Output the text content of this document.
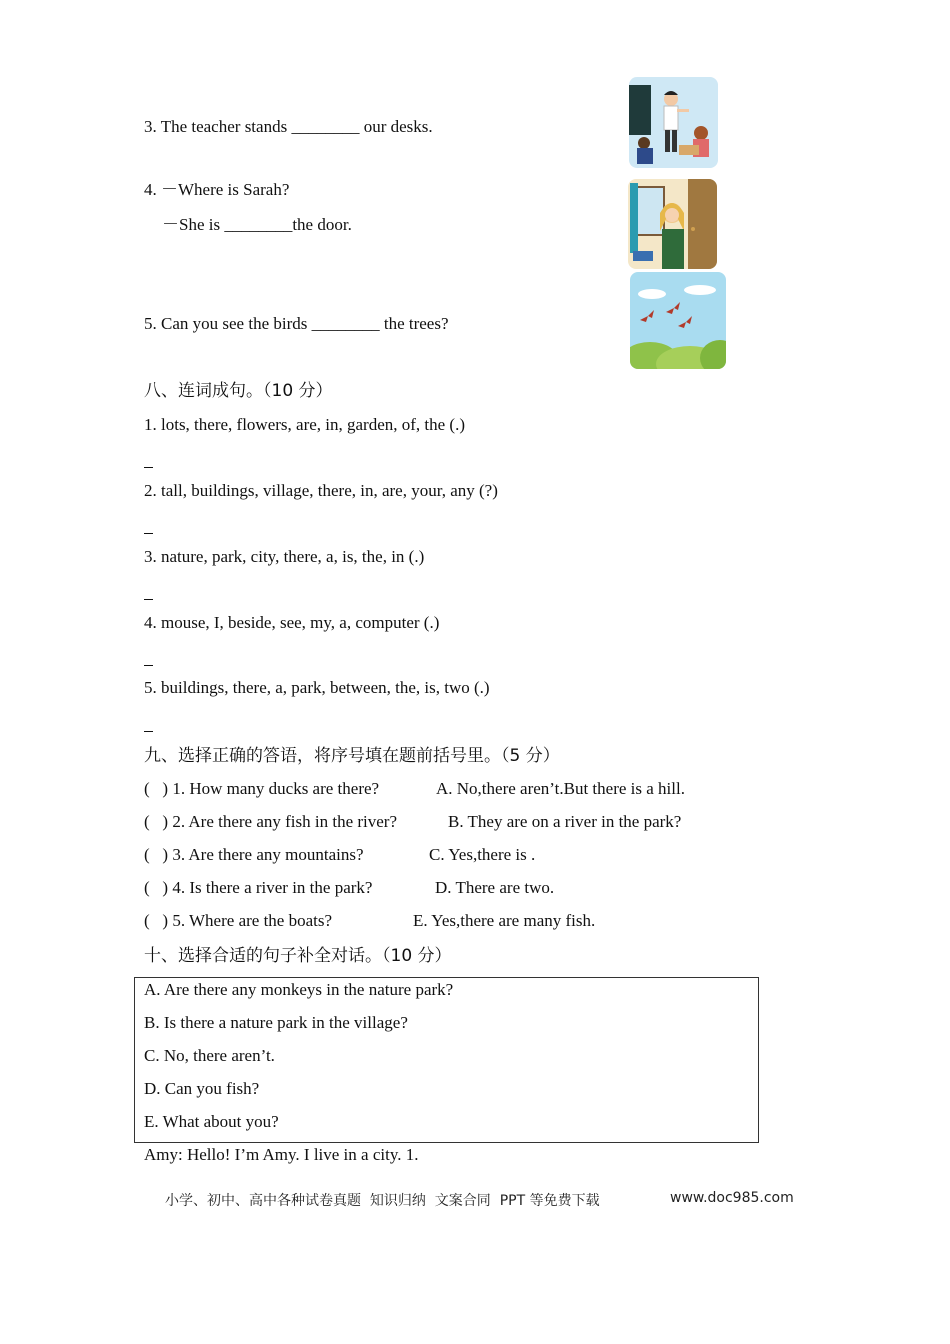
3. The teacher stands ________ our desks.
4. －Where is Sarah?
－She is ________the door.
5. Can you see the birds ________ the trees?
八、连词成句。（10 分）
1. lots, there, flowers, are, in, garden, of, the (.)
2. tall, buildings, village, there, in, are, your, any (?)
3. nature, park, city, there, a, is, the, in (.)
4. mouse, I, beside, see, my, a, computer (.)
5. buildings, there, a, park, between, the, is, two (.)
九、选择正确的答语，将序号填在题前括号里。（5 分）
(   ) 1. How many ducks are there?	A. No,there aren’t.But there is a hill.
(   ) 2. Are there any fish in the river?	B. They are on a river in the park?
(   ) 3. Are there any mountains?	C. Yes,there is .
(   ) 4. Is there a river in the park?	D. There are two.
(   ) 5. Where are the boats?	E. Yes,there are many fish.
十、选择合适的句子补全对话。（10 分）
A. Are there any monkeys in the nature park?
B. Is there a nature park in the village?
C. No, there aren’t.
D. Can you fish?
E. What about you?
Amy: Hello! I’m Amy. I live in a city. 1.
小学、初中、高中各种试卷真题  知识归纳  文案合同  PPT 等免费下载	www.doc985.com
